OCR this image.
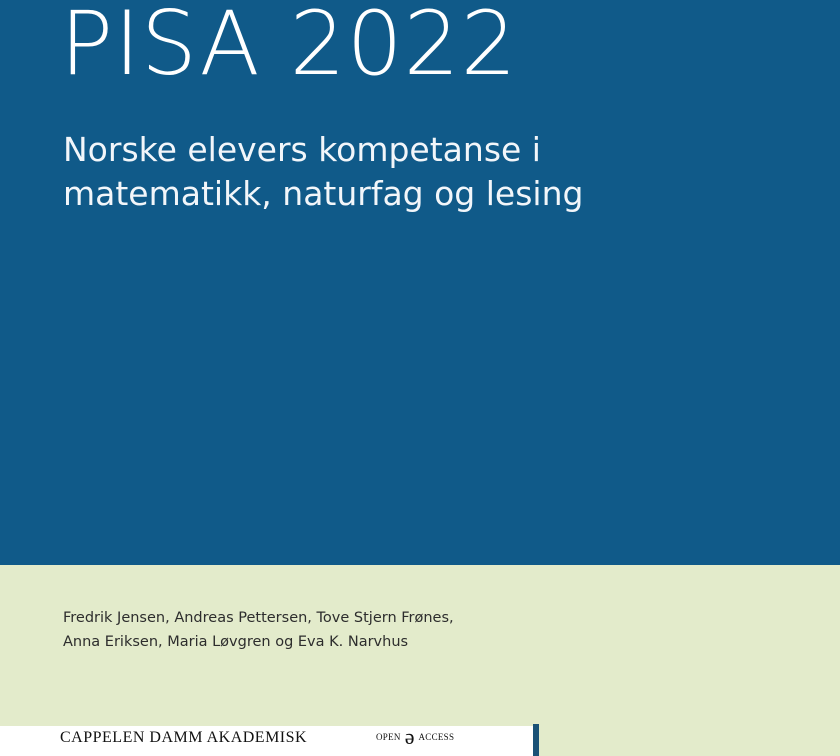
PISA 2022
Norske elevers kompetanse i
matematikk, naturfag og lesing
Fredrik Jensen, Andreas Pettersen, Tove Stjern Frønes,
Anna Eriksen, Maria Løvgren og Eva K. Narvhus
CAPPELEN DAMM AKADEMISK	OPEN ə ACCESS
